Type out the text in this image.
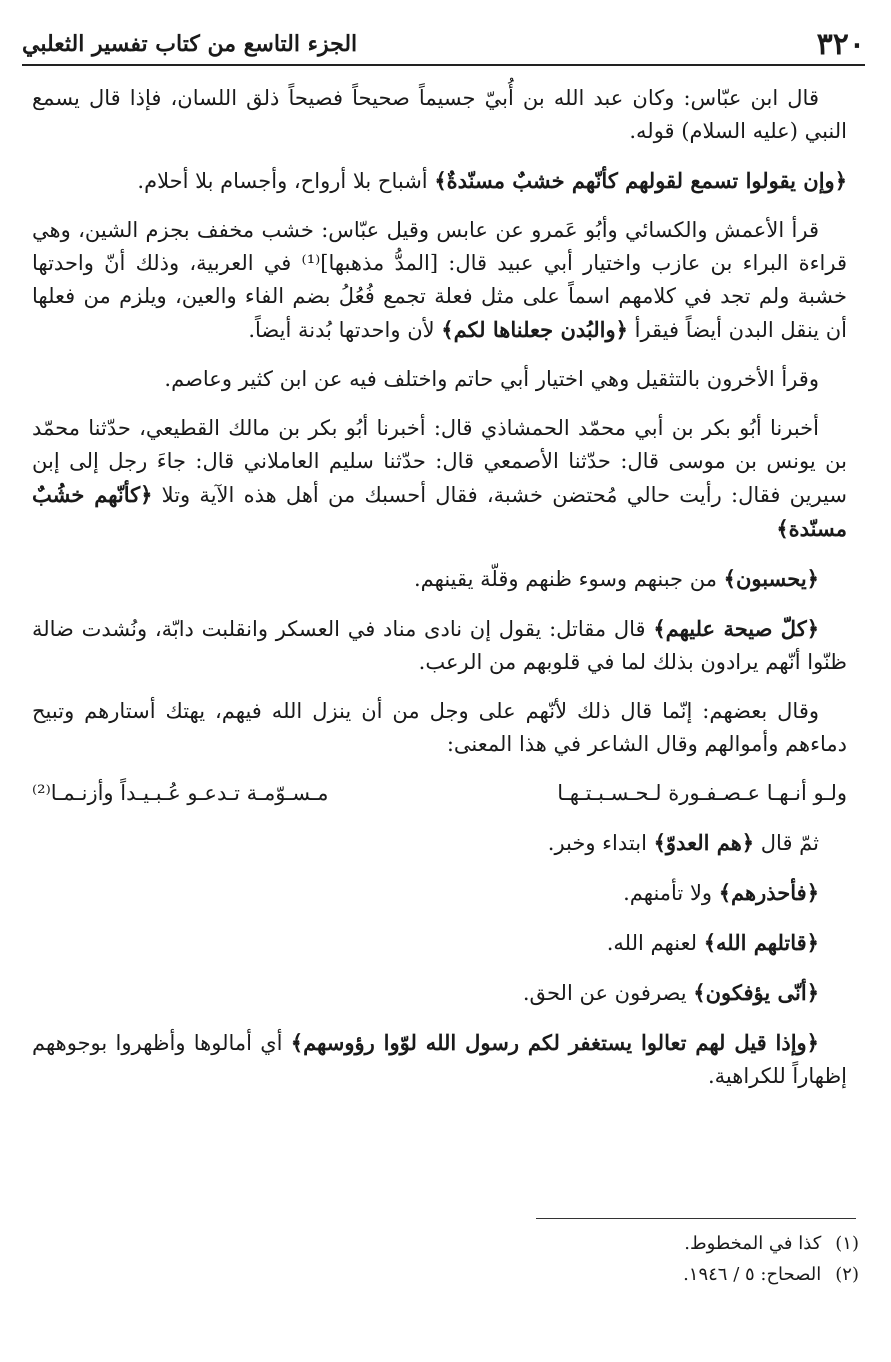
٣٢٠
الجزء التاسع من كتاب تفسير الثعلبي

قال ابن عبّاس: وكان عبد الله بن أُبيّ جسيماً صحيحاً فصيحاً ذلق اللسان، فإذا قال يسمع النبي (عليه السلام) قوله.

﴿وإن يقولوا تسمع لقولهم كأنّهم خشبٌ مسنّدةٌ﴾ أشباح بلا أرواح، وأجسام بلا أحلام.

قرأ الأعمش والكسائي وأبُو عَمرو عن عابس وقيل عبّاس: خشب مخفف بجزم الشين، وهي قراءة البراء بن عازب واختيار أبي عبيد قال: [المدُّ مذهبها]⁽¹⁾ في العربية، وذلك أنّ واحدتها خشبة ولم تجد في كلامهم اسماً على مثل فعلة تجمع فُعُلُ بضم الفاء والعين، ويلزم من فعلها أن ينقل البدن أيضاً فيقرأ ﴿والبُدن جعلناها لكم﴾ لأن واحدتها بُدنة أيضاً.

وقرأ الأخرون بالتثقيل وهي اختيار أبي حاتم واختلف فيه عن ابن كثير وعاصم.

أخبرنا أبُو بكر بن أبي محمّد الحمشاذي قال: أخبرنا أبُو بكر بن مالك القطيعي، حدّثنا محمّد بن يونس بن موسى قال: حدّثنا الأصمعي قال: حدّثنا سليم العاملاني قال: جاءَ رجل إلى إبن سيرين فقال: رأيت حالي مُحتضن خشبة، فقال أحسبك من أهل هذه الآية وتلا ﴿كأنّهم خشُبٌ مسنّدة﴾

﴿يحسبون﴾ من جبنهم وسوء ظنهم وقلّة يقينهم.

﴿كلّ صيحة عليهم﴾ قال مقاتل: يقول إن نادى مناد في العسكر وانقلبت دابّة، ونُشدت ضالة ظنّوا أنّهم يرادون بذلك لما في قلوبهم من الرعب.

وقال بعضهم: إنّما قال ذلك لأنّهم على وجل من أن ينزل الله فيهم، يهتك أستارهم وتبيح دماءهم وأموالهم وقال الشاعر في هذا المعنى:

ولـو أنـهـا عـصـفـورة لـحـسـبـتـهـا
مـسـوّمـة تـدعـو عُـبـيـداً وأزنـمـا⁽²⁾

ثمّ قال ﴿هم العدوّ﴾ ابتداء وخبر.

﴿فأحذرهم﴾ ولا تأمنهم.

﴿قاتلهم الله﴾ لعنهم الله.

﴿أنّى يؤفكون﴾ يصرفون عن الحق.

﴿وإذا قيل لهم تعالوا يستغفر لكم رسول الله لوّوا رؤوسهم﴾ أي أمالوها وأظهروا بوجوههم إظهاراً للكراهية.

(١)
كذا في المخطوط.
(٢)
الصحاح: ٥ / ١٩٤٦.
